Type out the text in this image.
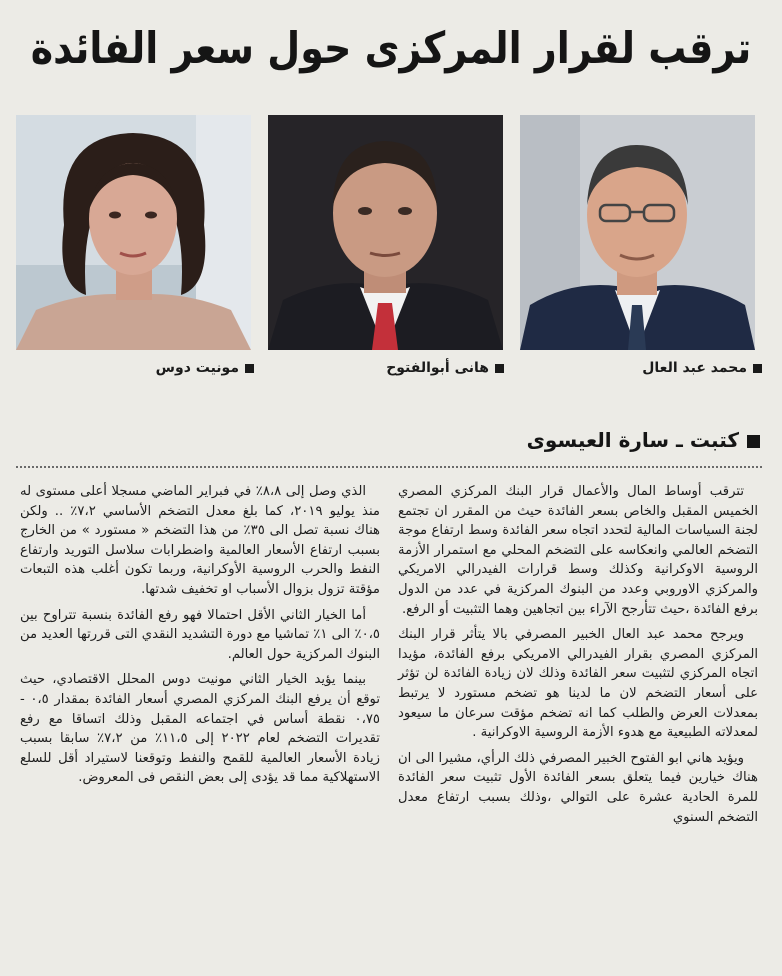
ترقب لقرار المركزى حول سعر الفائدة
محمد عبد العال
هانى أبوالفتوح
مونيت دوس
كتبت ـ سارة العيسوى

تترقب أوساط المال والأعمال قرار البنك المركزي المصري الخميس المقبل والخاص بسعر الفائدة حيث من المقرر ان تجتمع لجنة السياسات المالية لتحدد اتجاه سعر الفائدة وسط ارتفاع موجة التضخم العالمي وانعكاسه على التضخم المحلي مع استمرار الأزمة الروسية الاوكرانية وكذلك وسط قرارات الفيدرالي الامريكي والمركزي الاوروبي وعدد من البنوك المركزية في عدد من الدول برفع الفائدة ،حيث تتأرجح الآراء بين اتجاهين وهما التثبيت أو الرفع.

ويرجح محمد عبد العال الخبير المصرفي بالا يتأثر قرار البنك المركزي المصري بقرار الفيدرالي الامريكي برفع الفائدة، مؤيدا اتجاه المركزي لتثبيت سعر الفائدة وذلك لان زيادة الفائدة لن تؤثر على أسعار التضخم لان ما لدينا هو تضخم مستورد لا يرتبط بمعدلات العرض والطلب كما انه تضخم مؤقت سرعان ما سيعود لمعدلاته الطبيعية مع هدوء الأزمة الروسية الاوكرانية .

ويؤيد هاني ابو الفتوح الخبير المصرفي ذلك الرأي، مشيرا الى ان هناك خيارين فيما يتعلق بسعر الفائدة الأول تثبيت سعر الفائدة للمرة الحادية عشرة على التوالي ،وذلك بسبب ارتفاع معدل التضخم السنوي

الذي وصل إلى ٨،٨٪ في فبراير الماضي مسجلا أعلى مستوى له منذ يوليو ٢٠١٩، كما بلغ معدل التضخم الأساسي ٧،٢٪ .. ولكن هناك نسبة تصل الى ٣٥٪ من هذا التضخم « مستورد » من الخارج بسبب ارتفاع الأسعار العالمية واضطرابات سلاسل التوريد وارتفاع النفط والحرب الروسية الأوكرانية، وربما تكون أغلب هذه التبعات مؤقتة تزول بزوال الأسباب او تخفيف شدتها.

أما الخيار الثاني الأقل احتمالا فهو رفع الفائدة بنسبة تتراوح بين ٠،٥٪ الى ١٪ تماشيا مع دورة التشديد النقدي التى قررتها العديد من البنوك المركزية حول العالم.

بينما يؤيد الخيار الثاني مونيت دوس المحلل الاقتصادي، حيث توقع أن يرفع البنك المركزي المصري أسعار الفائدة بمقدار ٠،٥ - ٠،٧٥ نقطة أساس في اجتماعه المقبل وذلك اتساقا مع رفع تقديرات التضخم لعام ٢٠٢٢ إلى ١١،٥٪ من ٧،٢٪ سابقا بسبب زيادة الأسعار العالمية للقمح والنفط وتوقعنا لاستيراد أقل للسلع الاستهلاكية مما قد يؤدى إلى بعض النقص فى المعروض.
